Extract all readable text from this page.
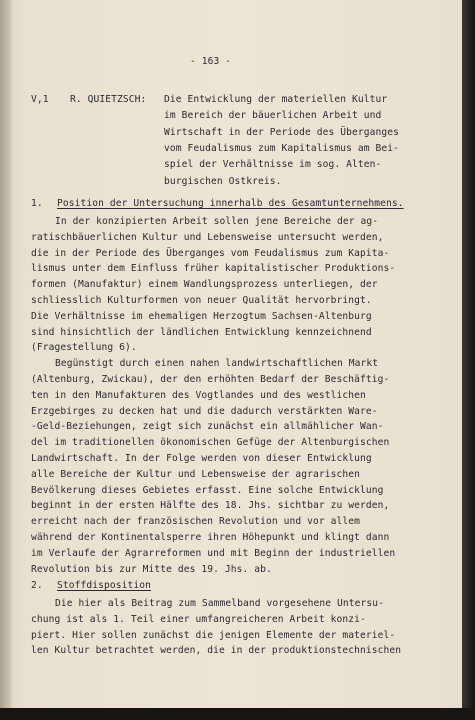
- 163 -
V,1 R. QUIETZSCH: Die Entwicklung der materiellen Kultur
im Bereich der bäuerlichen Arbeit und
Wirtschaft in der Periode des Überganges
vom Feudalismus zum Kapitalismus am Bei-
spiel der Verhältnisse im sog. Alten-
burgischen Ostkreis.
1. Position der Untersuchung innerhalb des Gesamtunternehmens.
In der konzipierten Arbeit sollen jene Bereiche der ag-
ratischbäuerlichen Kultur und Lebensweise untersucht werden,
die in der Periode des Überganges vom Feudalismus zum Kapita-
lismus unter dem Einfluss früher kapitalistischer Produktions-
formen (Manufaktur) einem Wandlungsprozess unterliegen, der
schliesslich Kulturformen von neuer Qualität hervorbringt.
Die Verhältnisse im ehemaligen Herzogtum Sachsen-Altenburg
sind hinsichtlich der ländlichen Entwicklung kennzeichnend
(Fragestellung 6).
Begünstigt durch einen nahen landwirtschaftlichen Markt
(Altenburg, Zwickau), der den erhöhten Bedarf der Beschäftig-
ten in den Manufakturen des Vogtlandes und des westlichen
Erzgebirges zu decken hat und die dadurch verstärkten Ware-
-Geld-Beziehungen, zeigt sich zunächst ein allmählicher Wan-
del im traditionellen ökonomischen Gefüge der Altenburgischen
Landwirtschaft. In der Folge werden von dieser Entwicklung
alle Bereiche der Kultur und Lebensweise der agrarischen
Bevölkerung dieses Gebietes erfasst. Eine solche Entwicklung
beginnt in der ersten Hälfte des 18. Jhs. sichtbar zu werden,
erreicht nach der französischen Revolution und vor allem
während der Kontinentalsperre ihren Höhepunkt und klingt dann
im Verlaufe der Agrarreformen und mit Beginn der industriellen
Revolution bis zur Mitte des 19. Jhs. ab.
2. Stoffdisposition
Die hier als Beitrag zum Sammelband vorgesehene Untersu-
chung ist als 1. Teil einer umfangreicheren Arbeit konzi-
piert. Hier sollen zunächst die jenigen Elemente der materiel-
len Kultur betrachtet werden, die in der produktionstechnischen
